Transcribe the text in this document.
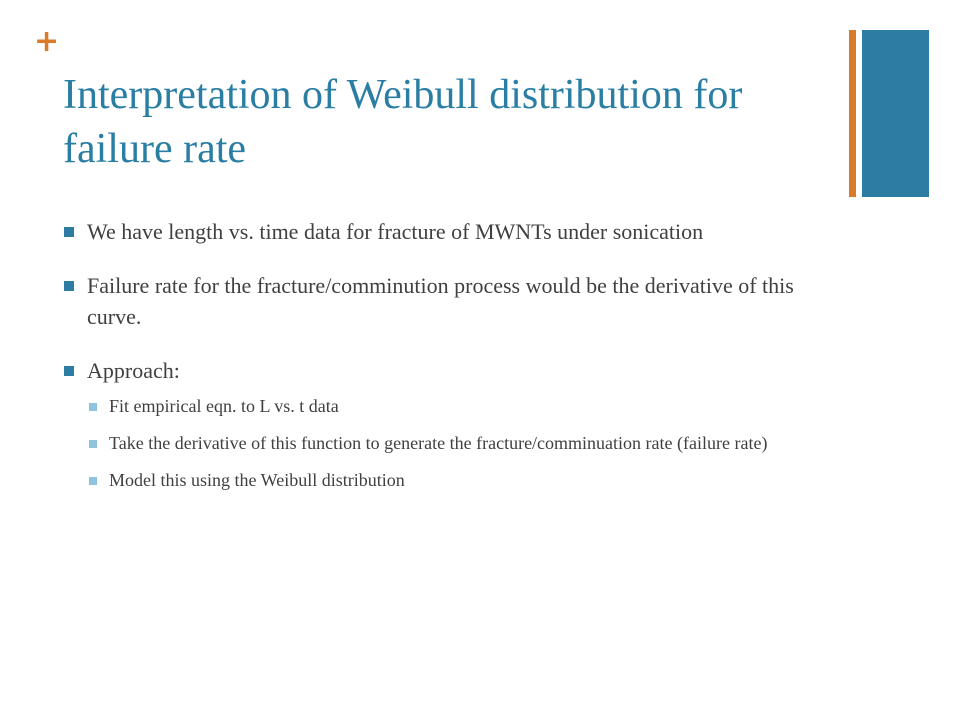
+
Interpretation of Weibull distribution for failure rate
We have length vs. time data for fracture of MWNTs under sonication
Failure rate for the fracture/comminution process would be the derivative of this curve.
Approach:
Fit empirical eqn. to L vs. t data
Take the derivative of this function to generate the fracture/comminuation rate (failure rate)
Model this using the Weibull distribution
